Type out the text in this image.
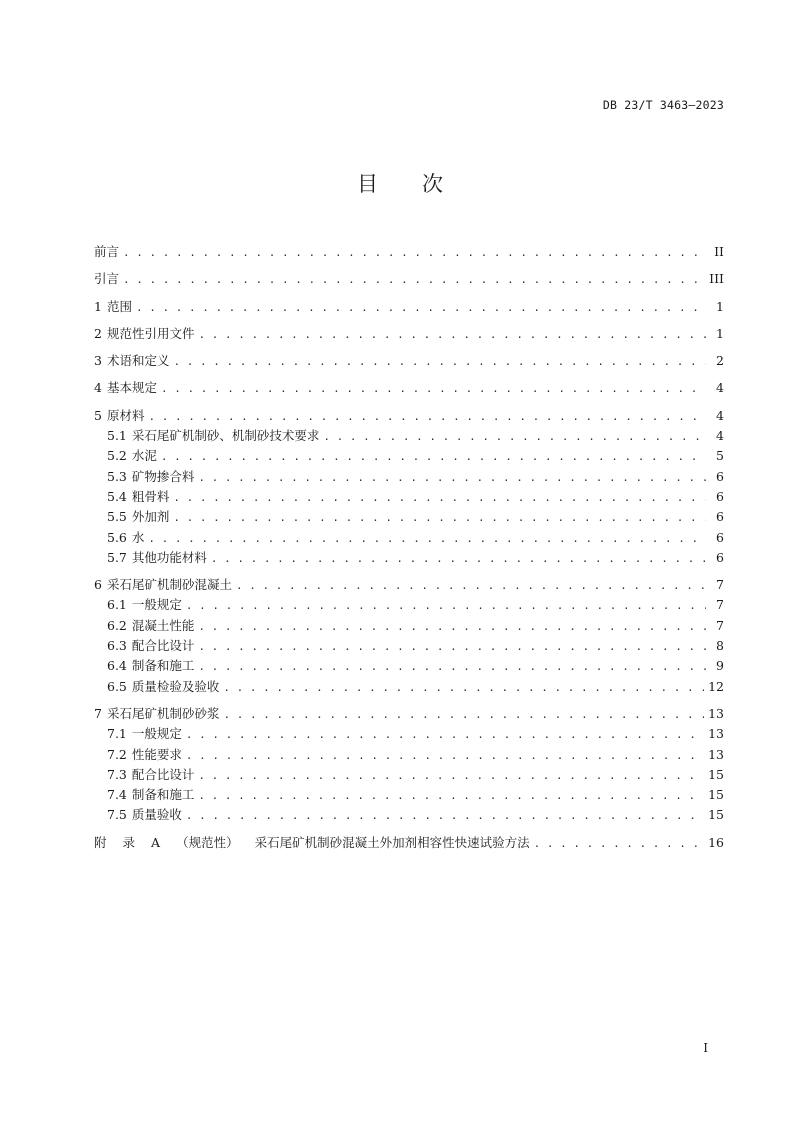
DB 23/T 3463—2023
目 次
前言 . . .	II
引言 . . .	III
1 范围 . . .	1
2 规范性引用文件 . . .	1
3 术语和定义 . . .	2
4 基本规定 . . .	4
5 原材料 . . .	4
5.1 采石尾矿机制砂、机制砂技术要求 . . .	4
5.2 水泥 . . .	5
5.3 矿物掺合料 . . .	6
5.4 粗骨料 . . .	6
5.5 外加剂 . . .	6
5.6 水 . . .	6
5.7 其他功能材料 . . .	6
6 采石尾矿机制砂混凝土 . . .	7
6.1 一般规定 . . .	7
6.2 混凝土性能 . . .	7
6.3 配合比设计 . . .	8
6.4 制备和施工 . . .	9
6.5 质量检验及验收 . . .	12
7 采石尾矿机制砂砂浆 . . .	13
7.1 一般规定 . . .	13
7.2 性能要求 . . .	13
7.3 配合比设计 . . .	15
7.4 制备和施工 . . .	15
7.5 质量验收 . . .	15
附 录 A （规范性） 采石尾矿机制砂混凝土外加剂相容性快速试验方法 . . .	16
I
